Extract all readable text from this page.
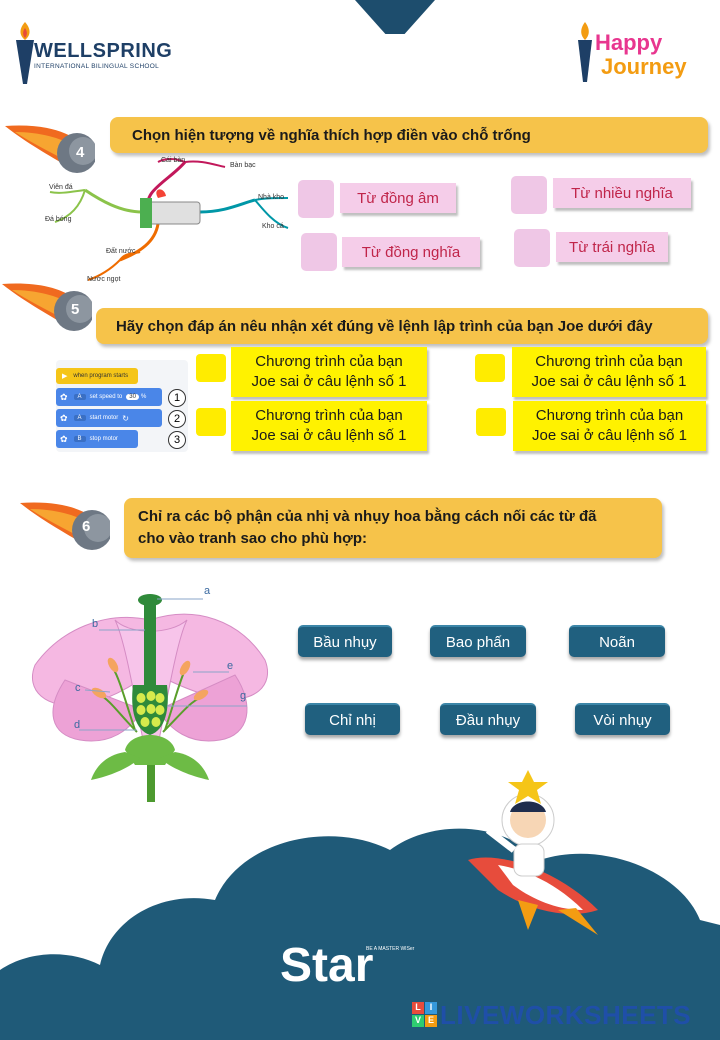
WELLSPRING
INTERNATIONAL BILINGUAL SCHOOL
Happy
Journey
4
Chọn hiện tượng về nghĩa thích hợp điền vào chỗ trống
Cái bàn
Bàn bạc
Viên đá
Đá bóng
Nhà kho
Kho cá
Đất nước
Nước ngọt
Từ đồng âm	Từ nhiều nghĩa
Từ đồng nghĩa	Từ trái nghĩa
5
Hãy chọn đáp án nêu nhận xét đúng về lệnh lập trình của bạn Joe dưới đây
▶ when program starts
✿	A	set speed to	30 %
✿	A	start motor ↻
✿	B	stop motor
1
2
3
Chương trình của bạn
Joe sai ở câu lệnh số 1
Chương trình của bạn
Joe sai ở câu lệnh số 1
Chương trình của bạn
Joe sai ở câu lệnh số 1
Chương trình của bạn
Joe sai ở câu lệnh số 1
6
Chỉ ra các bộ phận của nhị và nhụy hoa bằng cách nối các từ đã
cho vào tranh sao cho phù hợp:
a
b
c
d
e
g
Bầu nhụy	Bao phấn	Noãn
Chỉ nhị	Đầu nhụy	Vòi nhụy
Star
BE A MASTER WISer
L I
V E LIVEWORKSHEETS
